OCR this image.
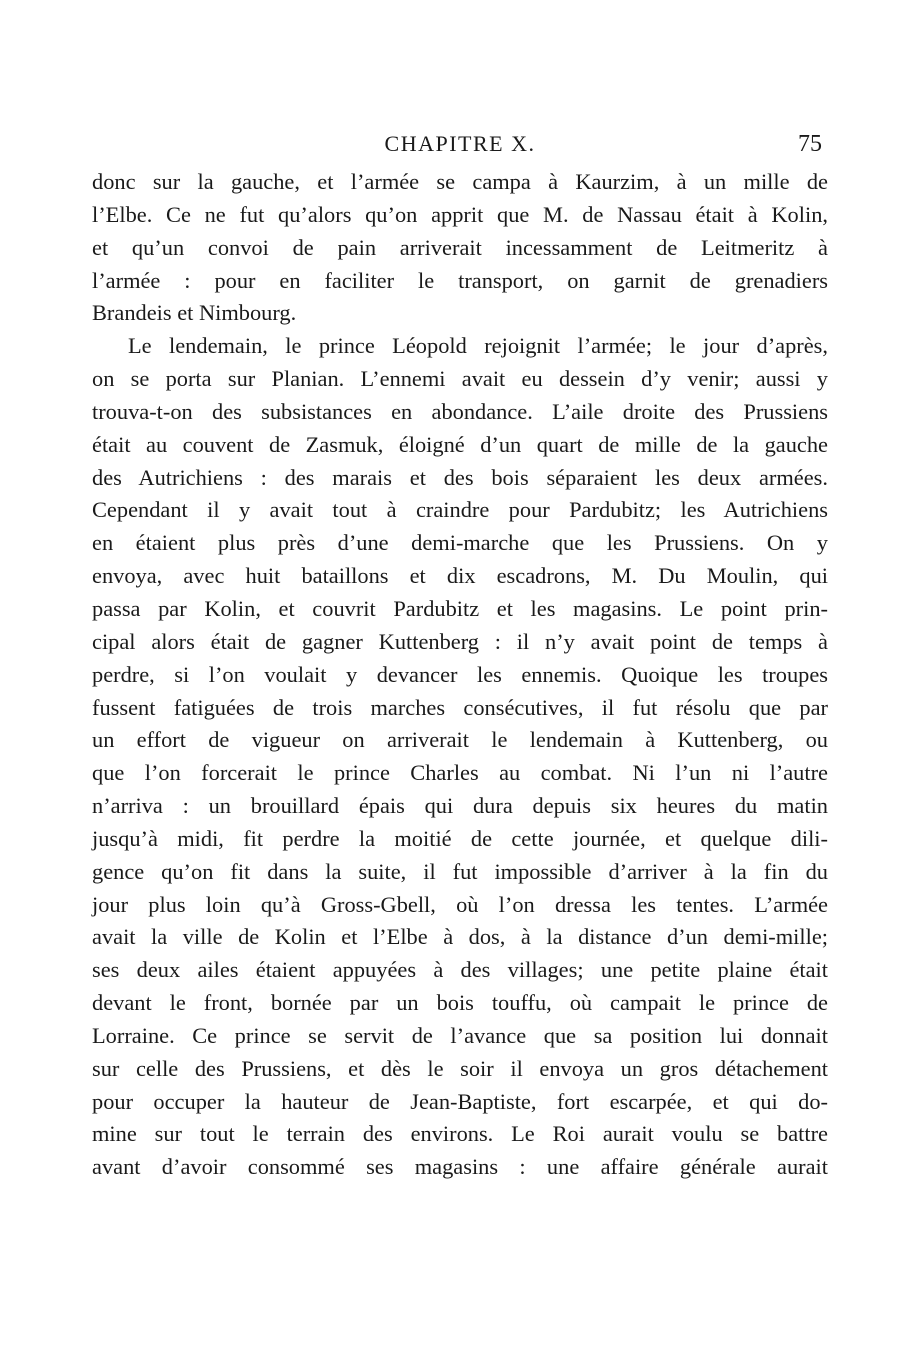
CHAPITRE X.	75
donc sur la gauche, et l’armée se campa à Kaurzim, à un mille de
l’Elbe. Ce ne fut qu’alors qu’on apprit que M. de Nassau était à Kolin,
et qu’un convoi de pain arriverait incessamment de Leitmeritz à
l’armée : pour en faciliter le transport, on garnit de grenadiers
Brandeis et Nimbourg.
Le lendemain, le prince Léopold rejoignit l’armée; le jour d’après,
on se porta sur Planian. L’ennemi avait eu dessein d’y venir; aussi y
trouva-t-on des subsistances en abondance. L’aile droite des Prussiens
était au couvent de Zasmuk, éloigné d’un quart de mille de la gauche
des Autrichiens : des marais et des bois séparaient les deux armées.
Cependant il y avait tout à craindre pour Pardubitz; les Autrichiens
en étaient plus près d’une demi-marche que les Prussiens. On y
envoya, avec huit bataillons et dix escadrons, M. Du Moulin, qui
passa par Kolin, et couvrit Pardubitz et les magasins. Le point prin-
cipal alors était de gagner Kuttenberg : il n’y avait point de temps à
perdre, si l’on voulait y devancer les ennemis. Quoique les troupes
fussent fatiguées de trois marches consécutives, il fut résolu que par
un effort de vigueur on arriverait le lendemain à Kuttenberg, ou
que l’on forcerait le prince Charles au combat. Ni l’un ni l’autre
n’arriva : un brouillard épais qui dura depuis six heures du matin
jusqu’à midi, fit perdre la moitié de cette journée, et quelque dili-
gence qu’on fit dans la suite, il fut impossible d’arriver à la fin du
jour plus loin qu’à Gross-Gbell, où l’on dressa les tentes. L’armée
avait la ville de Kolin et l’Elbe à dos, à la distance d’un demi-mille;
ses deux ailes étaient appuyées à des villages; une petite plaine était
devant le front, bornée par un bois touffu, où campait le prince de
Lorraine. Ce prince se servit de l’avance que sa position lui donnait
sur celle des Prussiens, et dès le soir il envoya un gros détachement
pour occuper la hauteur de Jean-Baptiste, fort escarpée, et qui do-
mine sur tout le terrain des environs. Le Roi aurait voulu se battre
avant d’avoir consommé ses magasins : une affaire générale aurait
